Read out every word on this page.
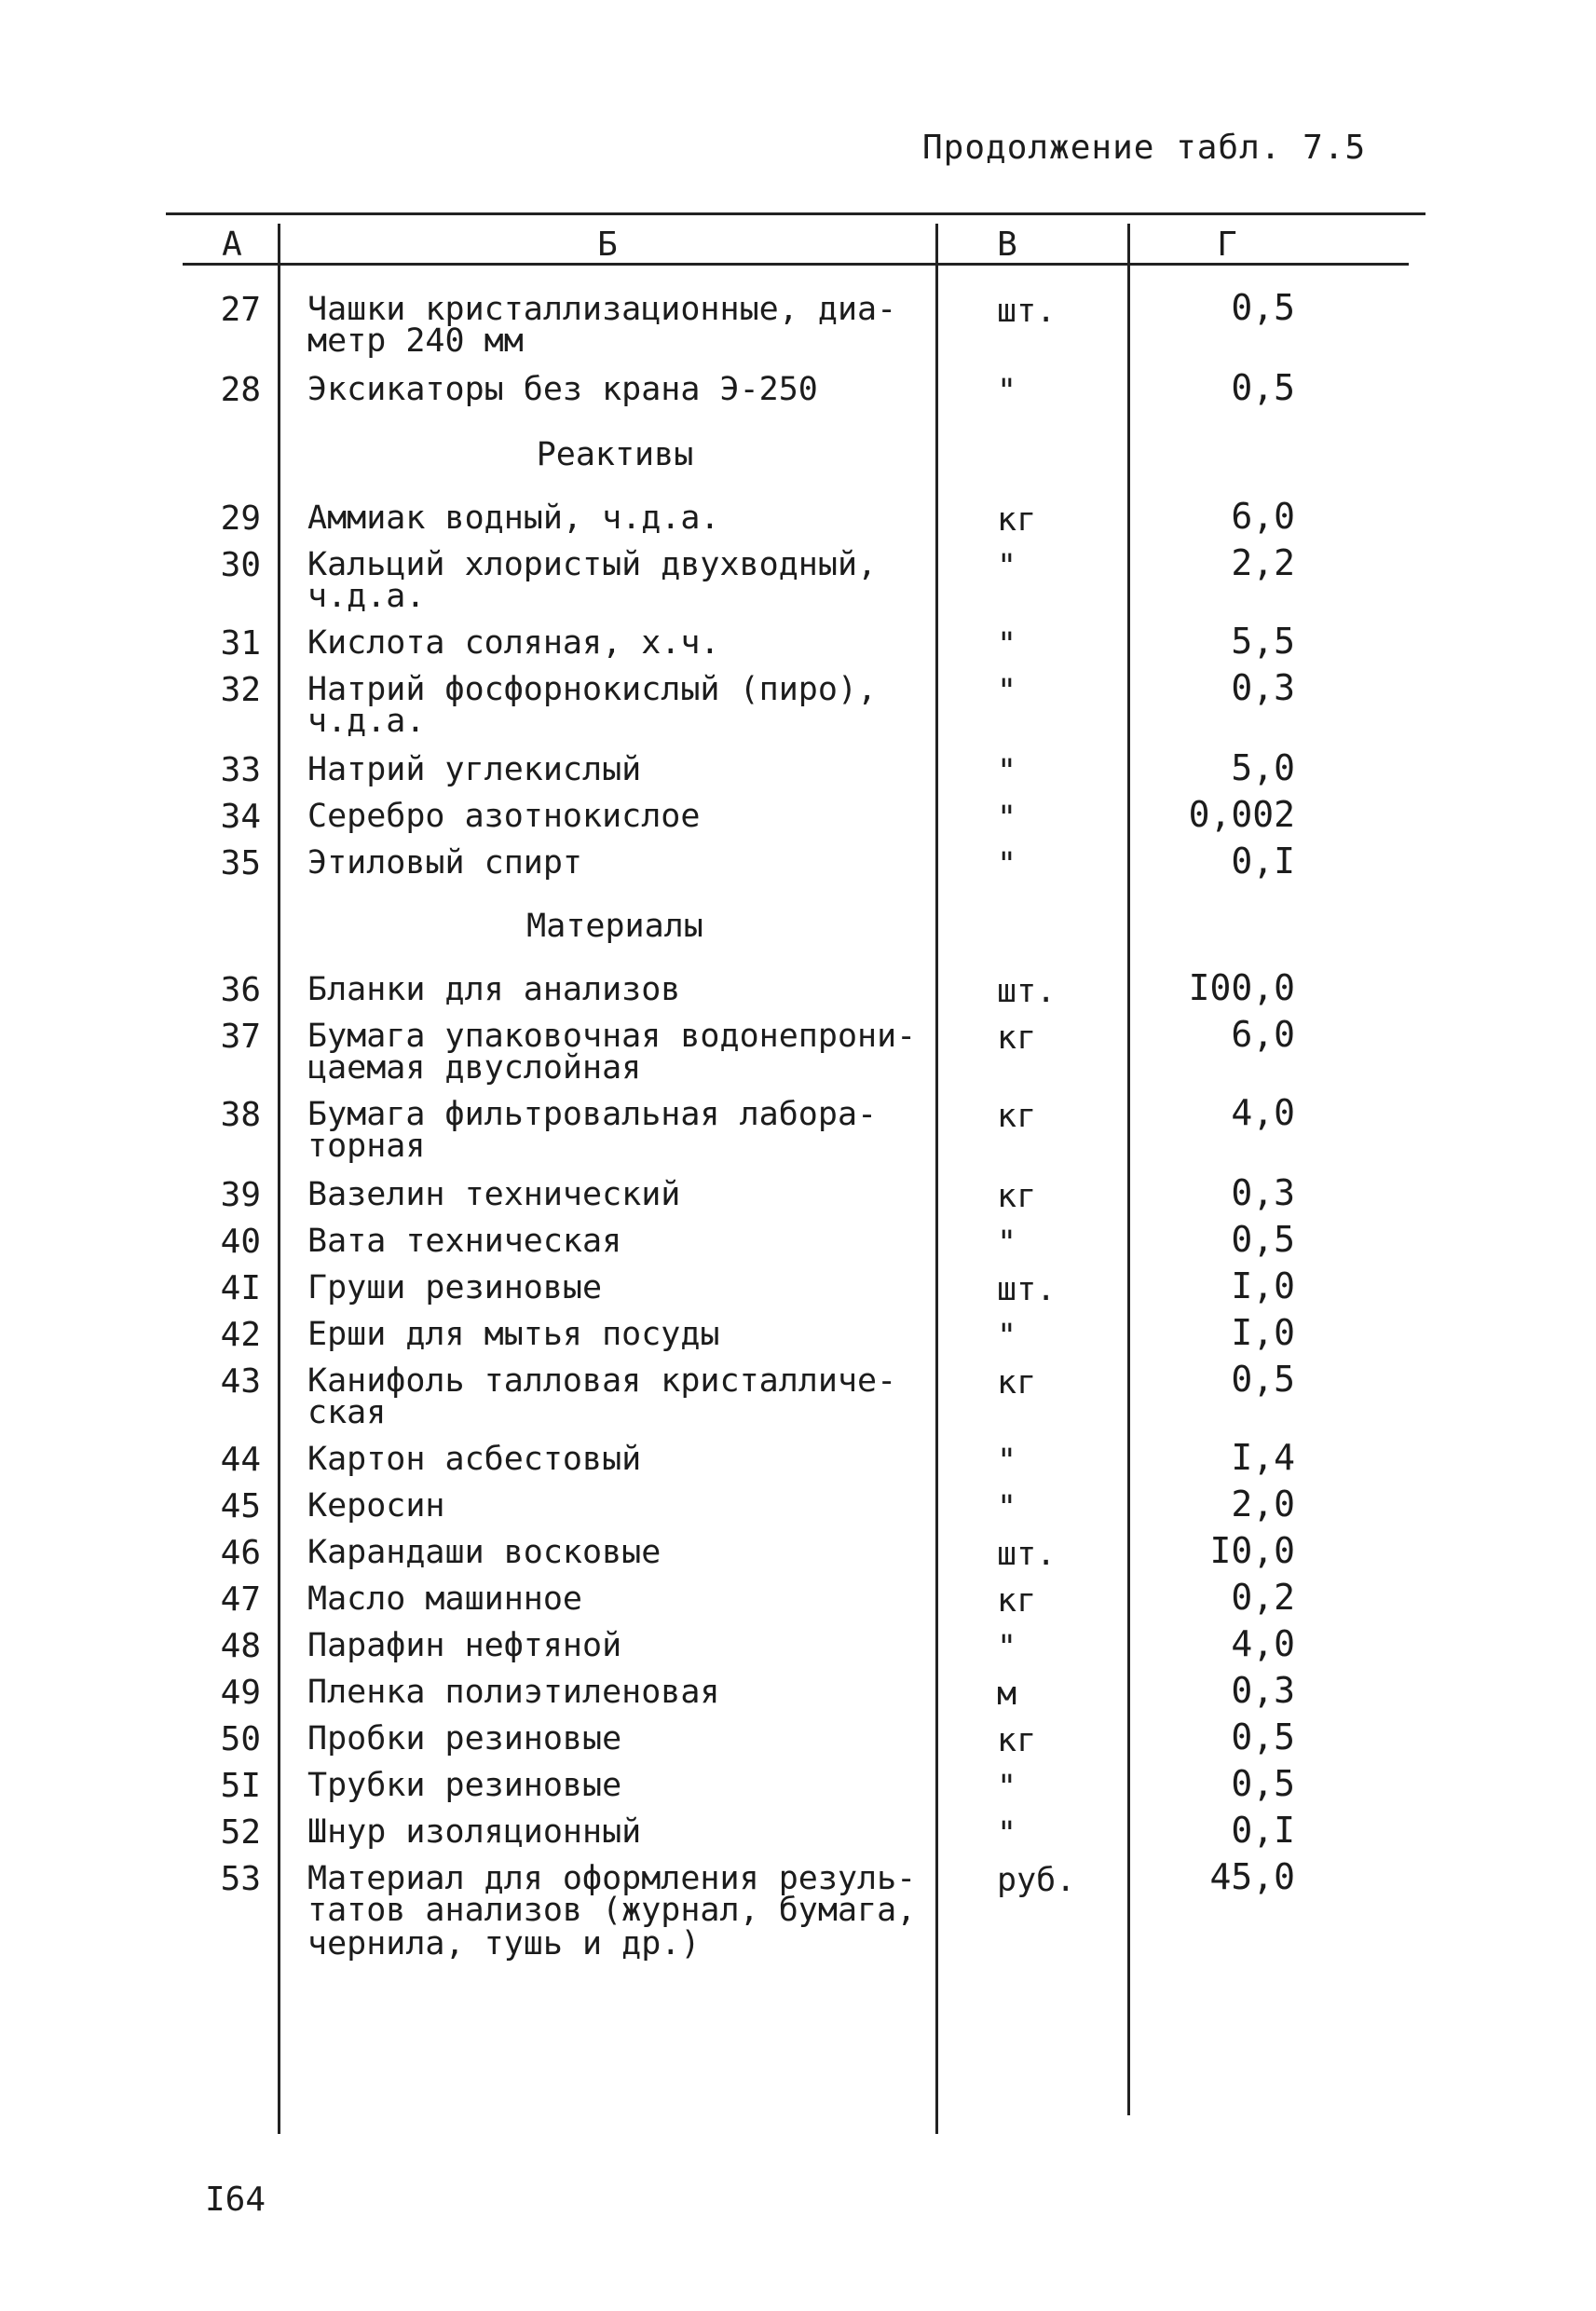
Продолжение табл. 7.5
А	Б	В	Г
27 Чашки кристаллизационные, диа-
метр 240 мм
шт.	0,5
28 Эксикаторы без крана Э-250	"	0,5
29 Аммиак водный, ч.д.а.	кг	6,0
30 Кальций хлористый двухводный,
ч.д.а.
"	2,2
31 Кислота соляная, х.ч.	"	5,5
32 Натрий фосфорнокислый (пиро),
ч.д.а.
"	0,3
33 Натрий углекислый	"	5,0
34 Серебро азотнокислое	"	0,002
35 Этиловый спирт	"	0,I
36 Бланки для анализов	шт.	I00,0
37 Бумага упаковочная водонепрони-
цаемая двуслойная
кг	6,0
38 Бумага фильтровальная лабора-
торная
кг	4,0
39 Вазелин технический	кг	0,3
40 Вата техническая	"	0,5
4I Груши резиновые	шт.	I,0
42 Ерши для мытья посуды	"	I,0
43 Канифоль талловая кристалличе-
ская
кг	0,5
44 Картон асбестовый	"	I,4
45 Керосин	"	2,0
46 Карандаши восковые	шт.	I0,0
47 Масло машинное	кг	0,2
48 Парафин нефтяной	"	4,0
49 Пленка полиэтиленовая	м	0,3
50 Пробки резиновые	кг	0,5
5I Трубки резиновые	"	0,5
52 Шнур изоляционный	"	0,I
53 Материал для оформления резуль-
татов анализов (журнал, бумага,
чернила, тушь и др.)
руб.	45,0
Реактивы
Материалы
I64
